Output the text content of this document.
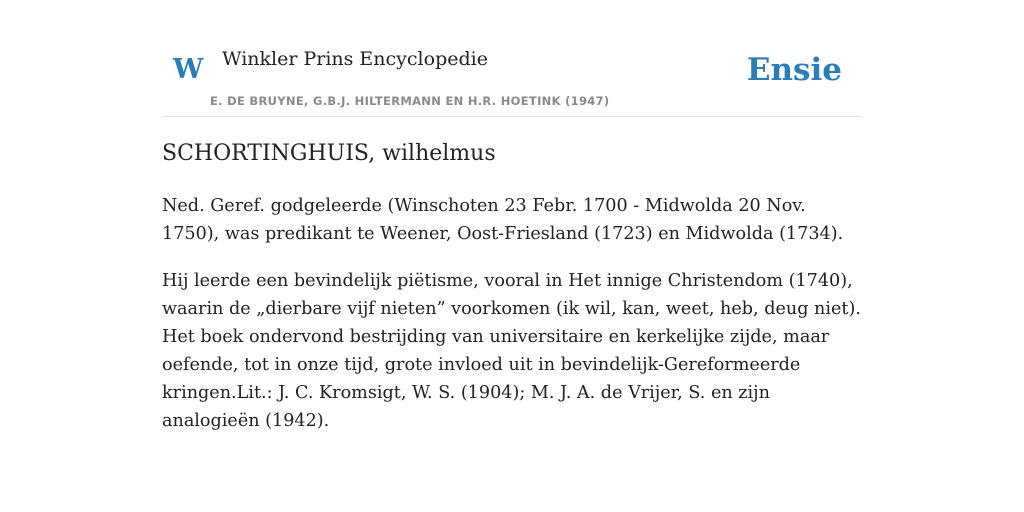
W Winkler Prins Encyclopedie
E. DE BRUYNE, G.B.J. HILTERMANN EN H.R. HOETINK (1947)
Ensie
SCHORTINGHUIS, wilhelmus

Ned. Geref. godgeleerde (Winschoten 23 Febr. 1700 - Midwolda 20 Nov. 1750), was predikant te Weener, Oost-Friesland (1723) en Midwolda (1734).

Hij leerde een bevindelijk piëtisme, vooral in Het innige Christendom (1740), waarin de „dierbare vijf nieten” voorkomen (ik wil, kan, weet, heb, deug niet). Het boek ondervond bestrijding van universitaire en kerkelijke zijde, maar oefende, tot in onze tijd, grote invloed uit in bevindelijk-Gereformeerde kringen.Lit.: J. C. Kromsigt, W. S. (1904); M. J. A. de Vrijer, S. en zijn analogieën (1942).
